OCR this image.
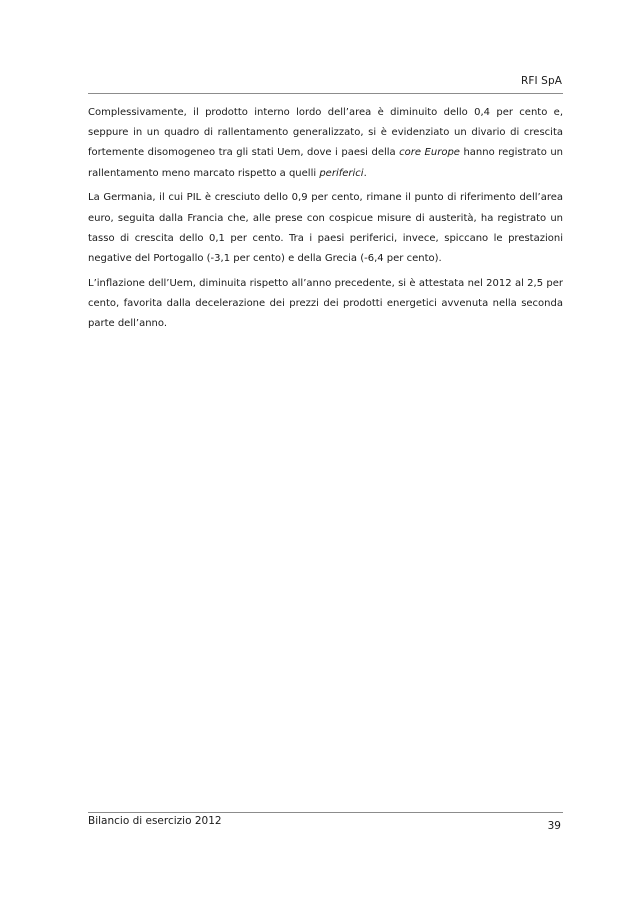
RFI SpA

Complessivamente, il prodotto interno lordo dell’area è diminuito dello 0,4 per cento e, seppure in un quadro di rallentamento generalizzato, si è evidenziato un divario di crescita fortemente disomogeneo tra gli stati Uem, dove i paesi della core Europe hanno registrato un rallentamento meno marcato rispetto a quelli periferici.

La Germania, il cui PIL è cresciuto dello 0,9 per cento, rimane il punto di riferimento dell’area euro, seguita dalla Francia che, alle prese con cospicue misure di austerità, ha registrato un tasso di crescita dello 0,1 per cento. Tra i paesi periferici, invece, spiccano le prestazioni negative del Portogallo (-3,1 per cento) e della Grecia (-6,4 per cento).

L’inflazione dell’Uem, diminuita rispetto all’anno precedente, si è attestata nel 2012 al 2,5 per cento, favorita dalla decelerazione dei prezzi dei prodotti energetici avvenuta nella seconda parte dell’anno.

Bilancio di esercizio 2012	39
